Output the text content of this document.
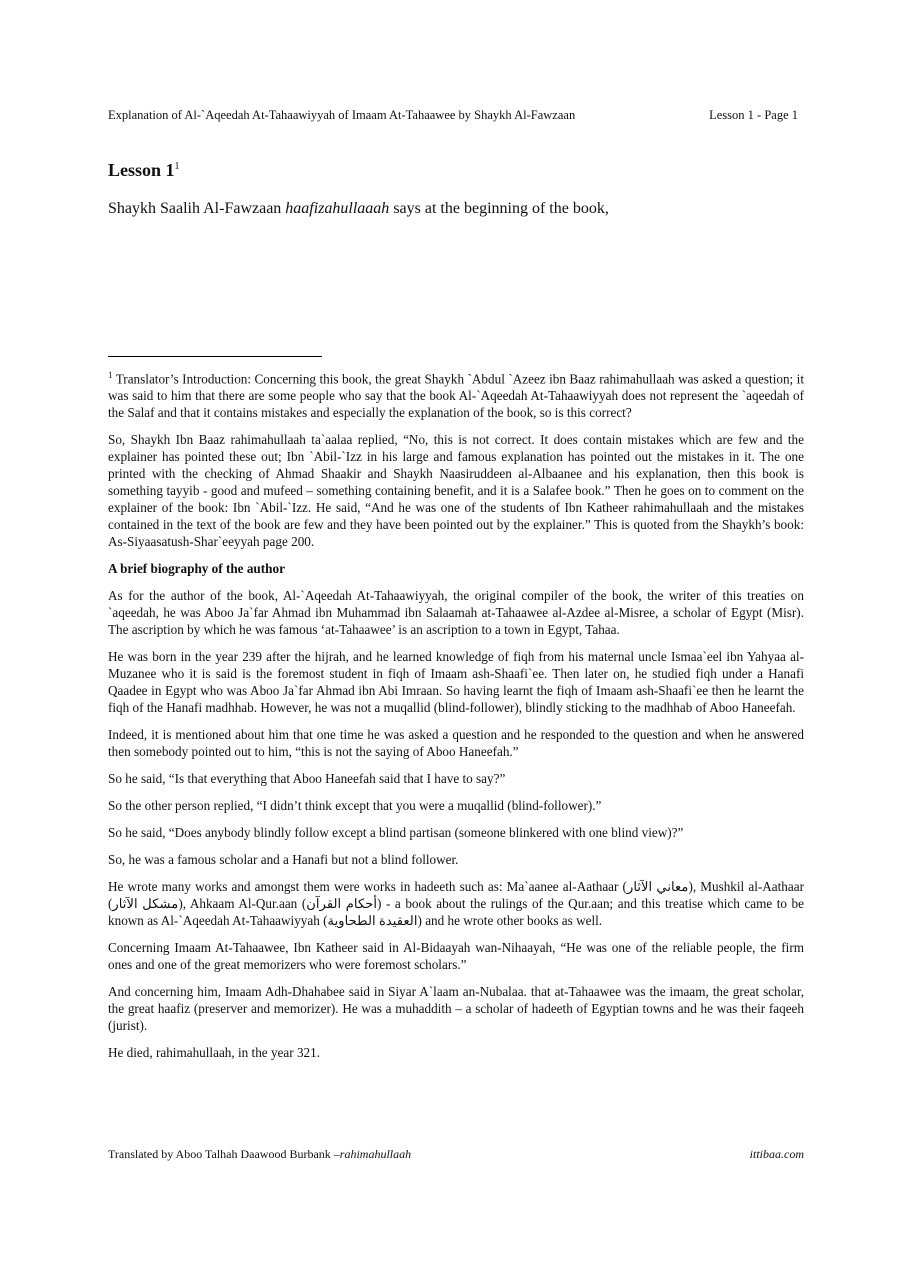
Explanation of Al-`Aqeedah At-Tahaawiyyah of Imaam At-Tahaawee by Shaykh Al-Fawzaan	Lesson 1 - Page 1
Lesson $1^1$
Shaykh Saalih Al-Fawzaan haafizahullaaah says at the beginning of the book,

$^1$ Translator’s Introduction: Concerning this book, the great Shaykh `Abdul `Azeez ibn Baaz rahimahullaah was asked a question; it was said to him that there are some people who say that the book Al-`Aqeedah At-Tahaawiyyah does not represent the `aqeedah of the Salaf and that it contains mistakes and especially the explanation of the book, so is this correct?

So, Shaykh Ibn Baaz rahimahullaah ta`aalaa replied, “No, this is not correct. It does contain mistakes which are few and the explainer has pointed these out; Ibn `Abil-`Izz in his large and famous explanation has pointed out the mistakes in it. The one printed with the checking of Ahmad Shaakir and Shaykh Naasiruddeen al-Albaanee and his explanation, then this book is something tayyib - good and mufeed – something containing benefit, and it is a Salafee book.” Then he goes on to comment on the explainer of the book: Ibn `Abil-`Izz. He said, “And he was one of the students of Ibn Katheer rahimahullaah and the mistakes contained in the text of the book are few and they have been pointed out by the explainer.” This is quoted from the Shaykh’s book: As-Siyaasatush-Shar`eeyyah page 200.

A brief biography of the author

As for the author of the book, Al-`Aqeedah At-Tahaawiyyah, the original compiler of the book, the writer of this treaties on `aqeedah, he was Aboo Ja`far Ahmad ibn Muhammad ibn Salaamah at-Tahaawee al-Azdee al-Misree, a scholar of Egypt (Misr). The ascription by which he was famous ‘at-Tahaawee’ is an ascription to a town in Egypt, Tahaa.

He was born in the year 239 after the hijrah, and he learned knowledge of fiqh from his maternal uncle Ismaa`eel ibn Yahyaa al-Muzanee who it is said is the foremost student in fiqh of Imaam ash-Shaafi`ee. Then later on, he studied fiqh under a Hanafi Qaadee in Egypt who was Aboo Ja`far Ahmad ibn Abi Imraan. So having learnt the fiqh of Imaam ash-Shaafi`ee then he learnt the fiqh of the Hanafi madhhab. However, he was not a muqallid (blind-follower), blindly sticking to the madhhab of Aboo Haneefah.

Indeed, it is mentioned about him that one time he was asked a question and he responded to the question and when he answered then somebody pointed out to him, “this is not the saying of Aboo Haneefah.”

So he said, “Is that everything that Aboo Haneefah said that I have to say?”

So the other person replied, “I didn’t think except that you were a muqallid (blind-follower).”

So he said, “Does anybody blindly follow except a blind partisan (someone blinkered with one blind view)?”

So, he was a famous scholar and a Hanafi but not a blind follower.

He wrote many works and amongst them were works in hadeeth such as: Ma`aanee al-Aathaar (معاني الآثار), Mushkil al-Aathaar (مشكل الآثار), Ahkaam Al-Qur.aan (أحكام القرآن) - a book about the rulings of the Qur.aan; and this treatise which came to be known as Al-`Aqeedah At-Tahaawiyyah (العقيدة الطحاوية) and he wrote other books as well.

Concerning Imaam At-Tahaawee, Ibn Katheer said in Al-Bidaayah wan-Nihaayah, “He was one of the reliable people, the firm ones and one of the great memorizers who were foremost scholars.”

And concerning him, Imaam Adh-Dhahabee said in Siyar A`laam an-Nubalaa. that at-Tahaawee was the imaam, the great scholar, the great haafiz (preserver and memorizer). He was a muhaddith – a scholar of hadeeth of Egyptian towns and he was their faqeeh (jurist).

He died, rahimahullaah, in the year 321.

Translated by Aboo Talhah Daawood Burbank –rahimahullaah	ittibaa.com
